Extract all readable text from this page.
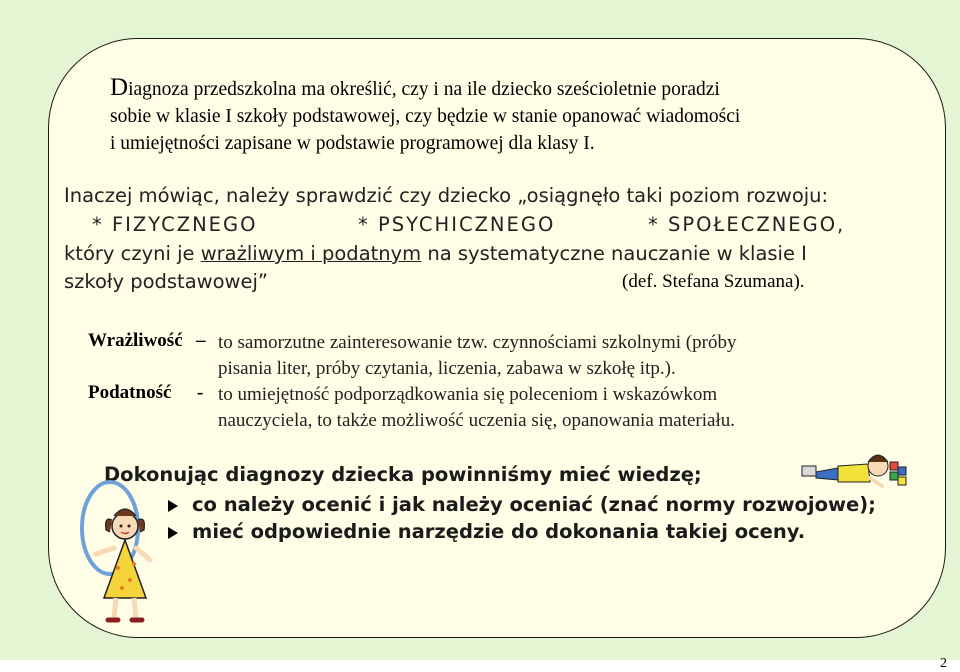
Diagnoza przedszkolna ma określić, czy i na ile dziecko sześcioletnie poradzi
sobie w klasie I szkoły podstawowej, czy będzie w stanie opanować wiadomości
i umiejętności zapisane w podstawie programowej dla klasy I.
Inaczej mówiąc, należy sprawdzić czy dziecko „osiągnęło taki poziom rozwoju:
* FIZYCZNEGO	* PSYCHICZNEGO	* SPOŁECZNEGO,
który czyni je wrażliwym i podatnym na systematyczne nauczanie w klasie I
szkoły podstawowej”	(def. Stefana Szumana).
Wrażliwość – to samorzutne zainteresowanie tzw. czynnościami szkolnymi (próby
pisania liter, próby czytania, liczenia, zabawa w szkołę itp.).
Podatność - to umiejętność podporządkowania się poleceniom i wskazówkom
nauczyciela, to także możliwość uczenia się, opanowania materiału.
Dokonując diagnozy dziecka powinniśmy mieć wiedzę;
co należy ocenić i jak należy oceniać (znać normy rozwojowe);
mieć odpowiednie narzędzie do dokonania takiej oceny.
2
